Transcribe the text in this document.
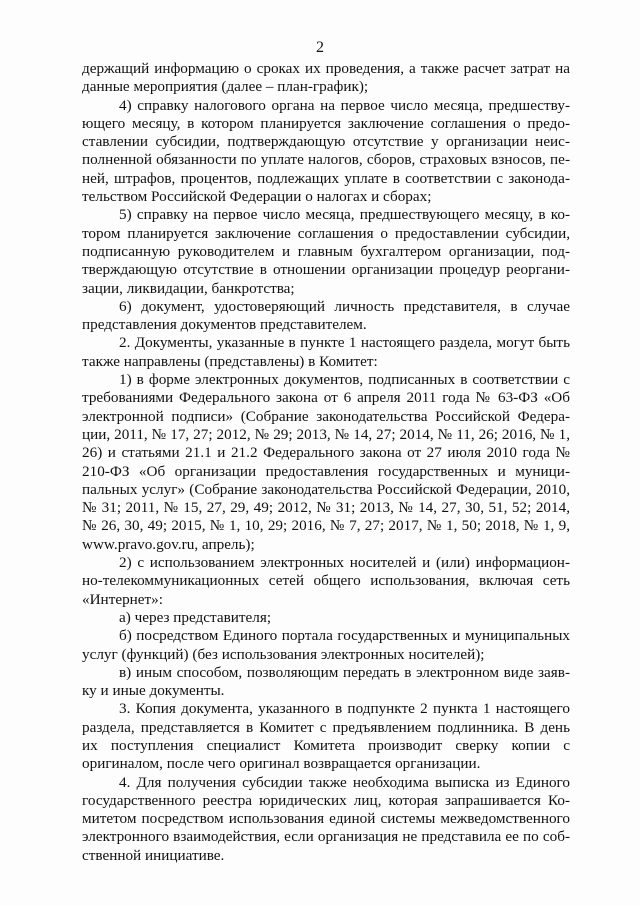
2

держащий информацию о сроках их проведения, а также расчет затрат на данные мероприятия (далее – план-график);

4) справку налогового органа на первое число месяца, предшествующего месяцу, в котором планируется заключение соглашения о предоставлении субсидии, подтверждающую отсутствие у организации неисполненной обязанности по уплате налогов, сборов, страховых взносов, пеней, штрафов, процентов, подлежащих уплате в соответствии с законодательством Российской Федерации о налогах и сборах;

5) справку на первое число месяца, предшествующего месяцу, в котором планируется заключение соглашения о предоставлении субсидии, подписанную руководителем и главным бухгалтером организации, подтверждающую отсутствие в отношении организации процедур реорганизации, ликвидации, банкротства;

6) документ, удостоверяющий личность представителя, в случае представления документов представителем.

2. Документы, указанные в пункте 1 настоящего раздела, могут быть также направлены (представлены) в Комитет:

1) в форме электронных документов, подписанных в соответствии с требованиями Федерального закона от 6 апреля 2011 года № 63-ФЗ «Об электронной подписи» (Собрание законодательства Российской Федерации, 2011, № 17, 27; 2012, № 29; 2013, № 14, 27; 2014, № 11, 26; 2016, № 1, 26) и статьями 21.1 и 21.2 Федерального закона от 27 июля 2010 года № 210-ФЗ «Об организации предоставления государственных и муниципальных услуг» (Собрание законодательства Российской Федерации, 2010, № 31; 2011, № 15, 27, 29, 49; 2012, № 31; 2013, № 14, 27, 30, 51, 52; 2014, № 26, 30, 49; 2015, № 1, 10, 29; 2016, № 7, 27; 2017, № 1, 50; 2018, № 1, 9, www.pravo.gov.ru, апрель);

2) с использованием электронных носителей и (или) информационно-телекоммуникационных сетей общего использования, включая сеть «Интернет»:

а) через представителя;

б) посредством Единого портала государственных и муниципальных услуг (функций) (без использования электронных носителей);

в) иным способом, позволяющим передать в электронном виде заявку и иные документы.

3. Копия документа, указанного в подпункте 2 пункта 1 настоящего раздела, представляется в Комитет с предъявлением подлинника. В день их поступления специалист Комитета производит сверку копии с оригиналом, после чего оригинал возвращается организации.

4. Для получения субсидии также необходима выписка из Единого государственного реестра юридических лиц, которая запрашивается Комитетом посредством использования единой системы межведомственного электронного взаимодействия, если организация не представила ее по собственной инициативе.
